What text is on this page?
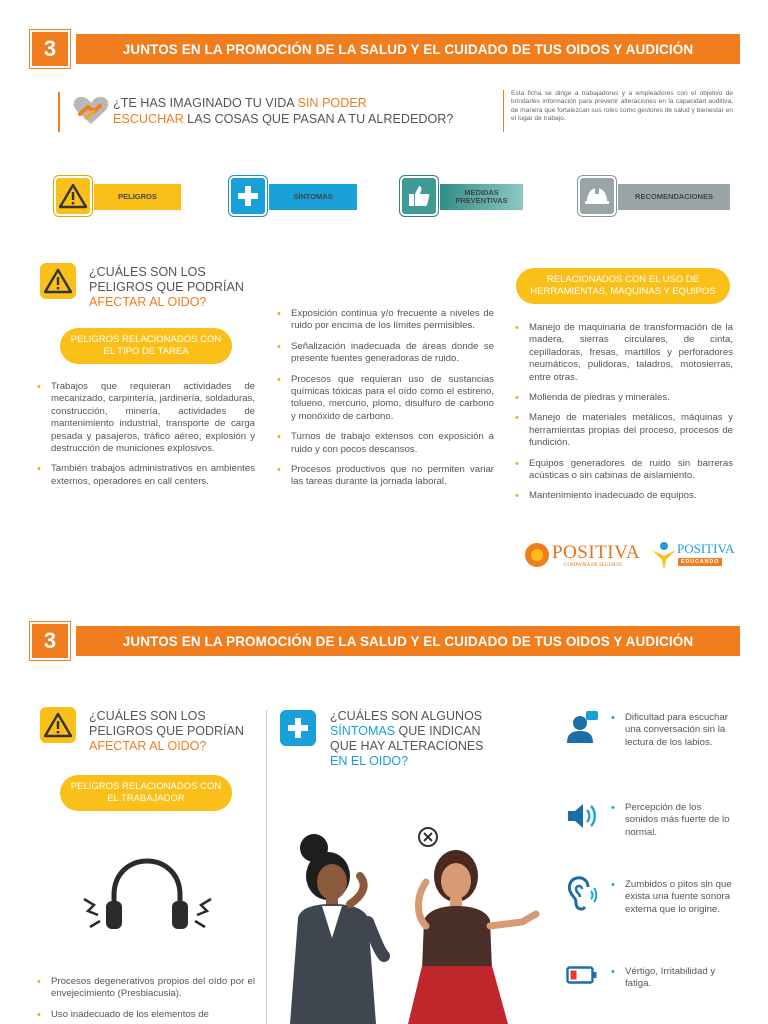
3	JUNTOS EN LA PROMOCIÓN DE LA SALUD Y EL CUIDADO DE TUS OIDOS Y AUDICIÓN
¿TE HAS IMAGINADO TU VIDA SIN PODER
ESCUCHAR LAS COSAS QUE PASAN A TU ALREDEDOR?
Esta ficha se dirige a trabajadores y a empleadores con el objetivo de brindarles información para prevenir alteraciones en la capacidad auditiva, de manera que fortalezcan sus roles como gestores de salud y bienestar en el lugar de trabajo.
PELIGROS	SÍNTOMAS	MEDIDAS PREVENTIVAS	RECOMENDACIONES
¿CUÁLES SON LOS
PELIGROS QUE PODRÍAN
AFECTAR AL OIDO?
PELIGROS RELACIONADOS CON EL TIPO DE TAREA
• Trabajos que requieran actividades de mecanizado, carpintería, jardinería, soldaduras, construcción, minería, actividades de mantenimiento industrial, transporte de carga pesada y pasajeros, tráfico aéreo, explosión y destrucción de municiones explosivos.
• También trabajos administrativos en ambientes externos, operadores en call centers.
• Exposición continua y/o frecuente a niveles de ruido por encima de los límites permisibles.
• Señalización inadecuada de áreas donde se presente fuentes generadoras de ruido.
• Procesos que requieran uso de sustancias químicas tóxicas para el oído como el estireno, tolueno, mercurio, plomo, disulfuro de carbono y monóxido de carbono.
• Turnos de trabajo extensos con exposición a ruido y con pocos descansos.
• Procesos productivos que no permiten variar las tareas durante la jornada laboral.
RELACIONADOS CON EL USO DE HERRAMIENTAS, MAQUINAS Y EQUIPOS
• Manejo de maquinaria de transformación de la madera, sierras circulares, de cinta, cepilladoras, fresas, martillos y perforadores neumáticos, pulidoras, taladros, motosierras, entre otras.
• Molienda de piedras y minerales.
• Manejo de materiales metálicos, máquinas y herramientas propias del proceso, procesos de fundición.
• Equipos generadores de ruido sin barreras acústicas o sin cabinas de aislamiento.
• Mantenimiento inadecuado de equipos.
POSITIVA
COMPAÑÍA DE SEGUROS
POSITIVA
EDUCANDO
3	JUNTOS EN LA PROMOCIÓN DE LA SALUD Y EL CUIDADO DE TUS OIDOS Y AUDICIÓN
¿CUÁLES SON LOS
PELIGROS QUE PODRÍAN
AFECTAR AL OIDO?
PELIGROS RELACIONADOS CON EL TRABAJADOR
• Procesos degenerativos propios del oído por el envejecimiento (Presbiacusia).
• Uso inadecuado de los elementos de
¿CUÁLES SON ALGUNOS
SÍNTOMAS QUE INDICAN
QUE HAY ALTERACIONES
EN EL OIDO?
• Dificultad para escuchar una conversación sin la lectura de los labios.
• Percepción de los sonidos más fuerte de lo normal.
• Zumbidos o pitos sin que exista una fuente sonora externa que lo origine.
• Vértigo, Irritabilidad y fatiga.
